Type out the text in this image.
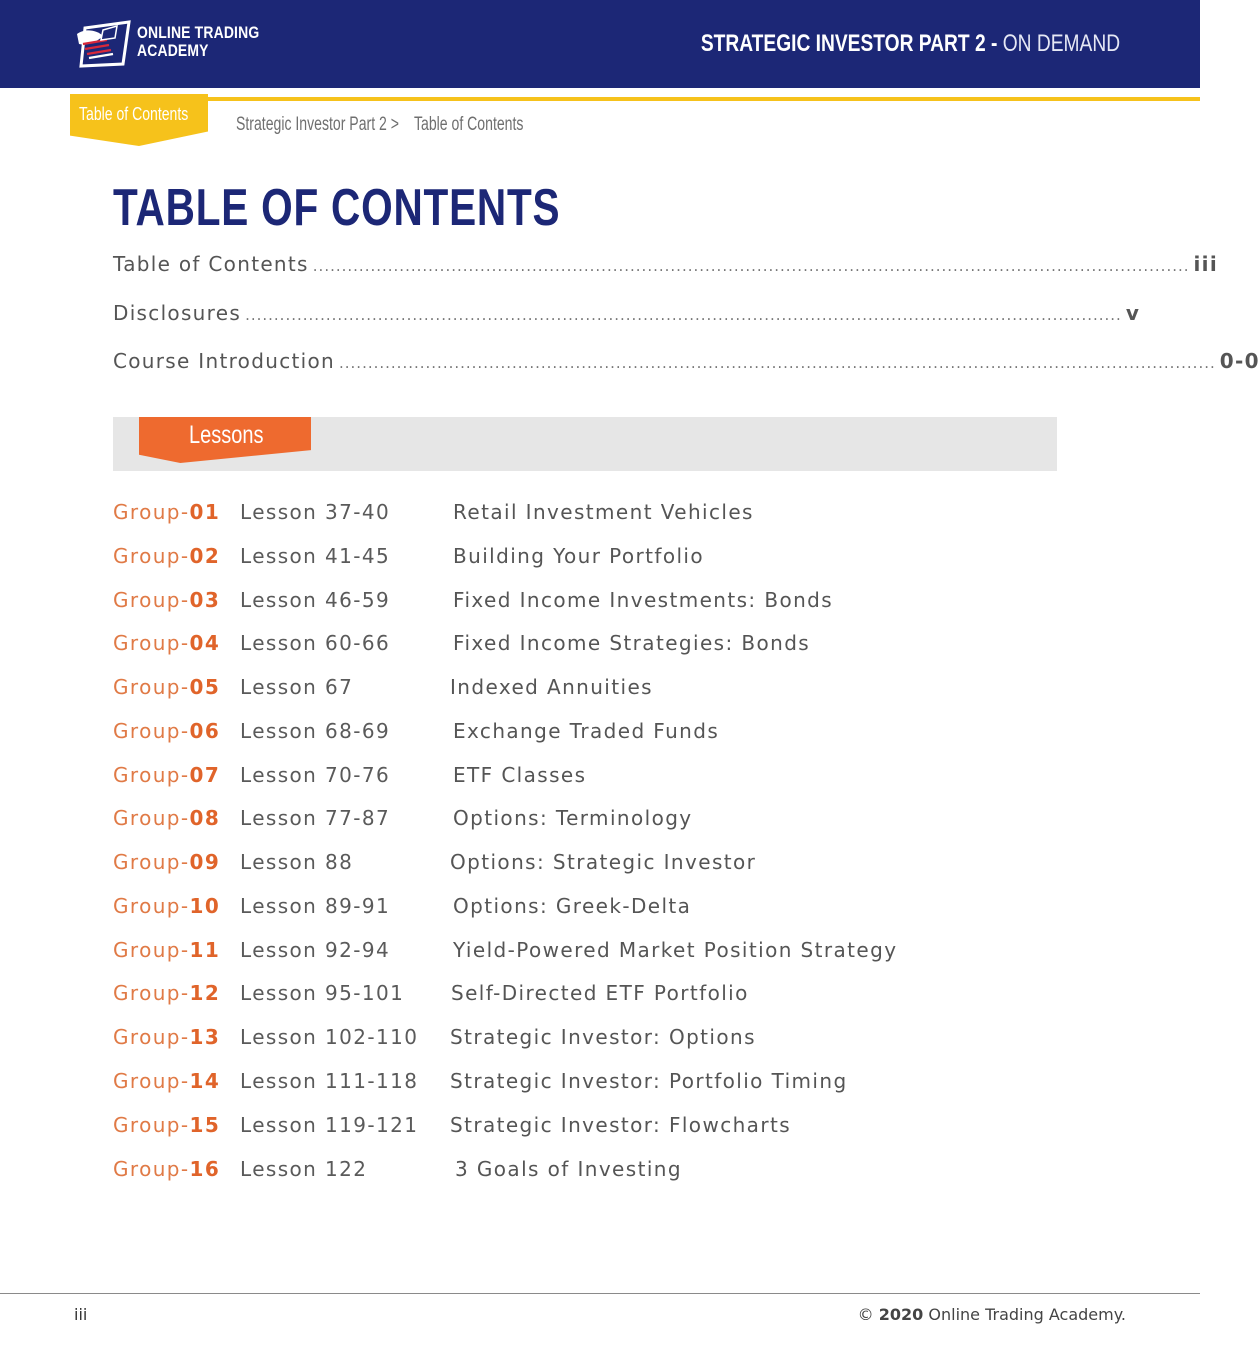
ONLINE TRADING
ACADEMY	STRATEGIC INVESTOR PART 2 - ON DEMAND
Table of Contents	Strategic Investor Part 2 > Table of Contents
TABLE OF CONTENTS
Table of Contents ........................................................................................................................................................ iii
Disclosures ........................................................................................................................................................ v
Course Introduction ........................................................................................................................................................ 0-0
Lessons
Group-01 Lesson 37-40	Retail Investment Vehicles
Group-02 Lesson 41-45	Building Your Portfolio
Group-03 Lesson 46-59	Fixed Income Investments: Bonds
Group-04 Lesson 60-66	Fixed Income Strategies: Bonds
Group-05 Lesson 67	Indexed Annuities
Group-06 Lesson 68-69	Exchange Traded Funds
Group-07 Lesson 70-76	ETF Classes
Group-08 Lesson 77-87	Options: Terminology
Group-09 Lesson 88	Options: Strategic Investor
Group-10 Lesson 89-91	Options: Greek-Delta
Group-11 Lesson 92-94	Yield-Powered Market Position Strategy
Group-12 Lesson 95-101 Self-Directed ETF Portfolio
Group-13 Lesson 102-110 Strategic Investor: Options
Group-14 Lesson 111-118 Strategic Investor: Portfolio Timing
Group-15 Lesson 119-121 Strategic Investor: Flowcharts
Group-16 Lesson 122	3 Goals of Investing
iii	© 2020 Online Trading Academy.
